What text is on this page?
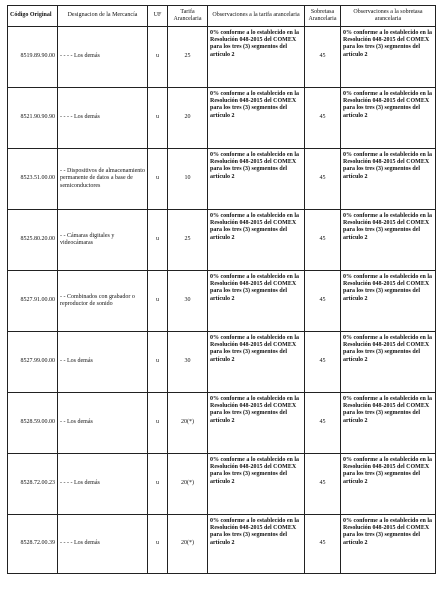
Código Original	Designacion de la Mercancía	UF	Tarifa Arancelaria	Observaciones a la tarifa arancelaria	Sobretasa Arancelaria	Observaciones a la sobretasa arancelaria
8519.89.90.00	- - - - Los demás	u	25	0% conforme a lo establecido en la Resolución 048-2015 del COMEX para los tres (3) segmentos del artículo 2	45	0% conforme a lo establecido en la Resolución 048-2015 del COMEX para los tres (3) segmentos del artículo 2
8521.90.90.90	- - - - Los demás	u	20	0% conforme a lo establecido en la Resolución 048-2015 del COMEX para los tres (3) segmentos del artículo 2	45	0% conforme a lo establecido en la Resolución 048-2015 del COMEX para los tres (3) segmentos del artículo 2
8523.51.00.00	- - Dispositivos de almacenamiento permanente de datos a base de semiconductores	u	10	0% conforme a lo establecido en la Resolución 048-2015 del COMEX para los tres (3) segmentos del artículo 2	45	0% conforme a lo establecido en la Resolución 048-2015 del COMEX para los tres (3) segmentos del artículo 2
8525.80.20.00	- - Cámaras digitales y videocámaras	u	25	0% conforme a lo establecido en la Resolución 048-2015 del COMEX para los tres (3) segmentos del artículo 2	45	0% conforme a lo establecido en la Resolución 048-2015 del COMEX para los tres (3) segmentos del artículo 2
8527.91.00.00	- - Combinados con grabador o reproductor de sonido	u	30	0% conforme a lo establecido en la Resolución 048-2015 del COMEX para los tres (3) segmentos del artículo 2	45	0% conforme a lo establecido en la Resolución 048-2015 del COMEX para los tres (3) segmentos del artículo 2
8527.99.00.00	- - Los demás	u	30	0% conforme a lo establecido en la Resolución 048-2015 del COMEX para los tres (3) segmentos del artículo 2	45	0% conforme a lo establecido en la Resolución 048-2015 del COMEX para los tres (3) segmentos del artículo 2
8528.59.00.00	- - Los demás	u	20(*)	0% conforme a lo establecido en la Resolución 048-2015 del COMEX para los tres (3) segmentos del artículo 2	45	0% conforme a lo establecido en la Resolución 048-2015 del COMEX para los tres (3) segmentos del artículo 2
8528.72.00.23	- - - - Los demás	u	20(*)	0% conforme a lo establecido en la Resolución 048-2015 del COMEX para los tres (3) segmentos del artículo 2	45	0% conforme a lo establecido en la Resolución 048-2015 del COMEX para los tres (3) segmentos del artículo 2
8528.72.00.39	- - - - Los demás	u	20(*)	0% conforme a lo establecido en la Resolución 048-2015 del COMEX para los tres (3) segmentos del artículo 2	45	0% conforme a lo establecido en la Resolución 048-2015 del COMEX para los tres (3) segmentos del artículo 2
